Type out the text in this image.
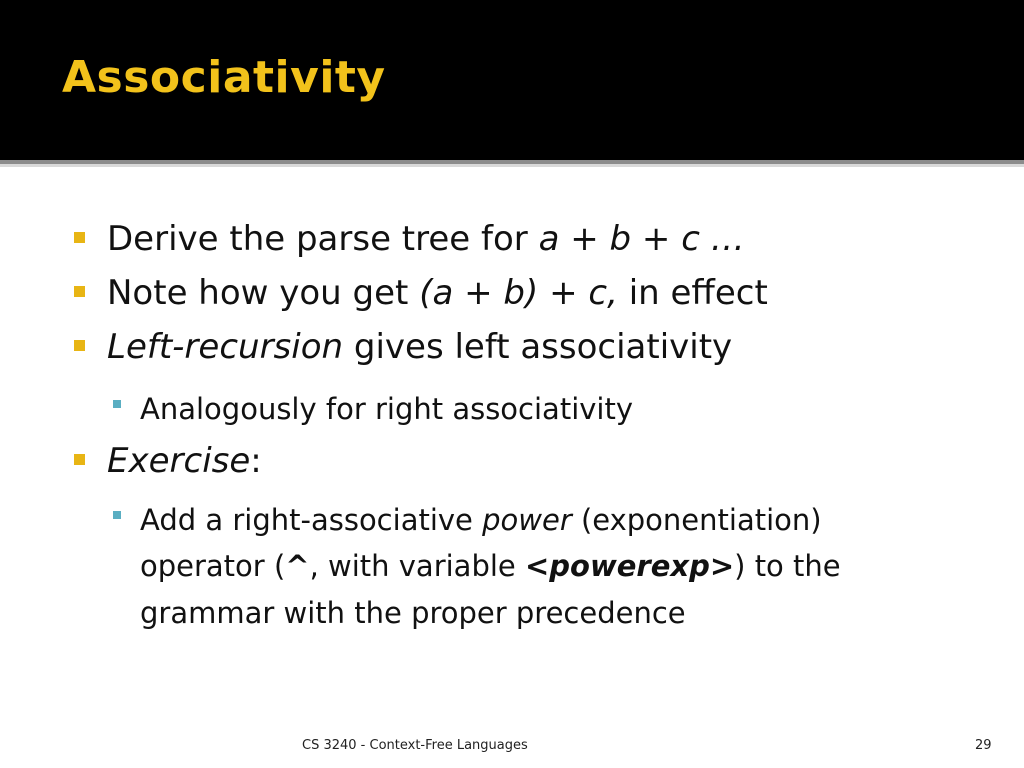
Associativity
Derive the parse tree for a + b + c …
Note how you get (a + b) + c, in effect
Left-recursion gives left associativity
Analogously for right associativity
Exercise:
Add a right-associative power (exponentiation) operator (^, with variable <powerexp>) to the grammar with the proper precedence
CS 3240 - Context-Free Languages	29
